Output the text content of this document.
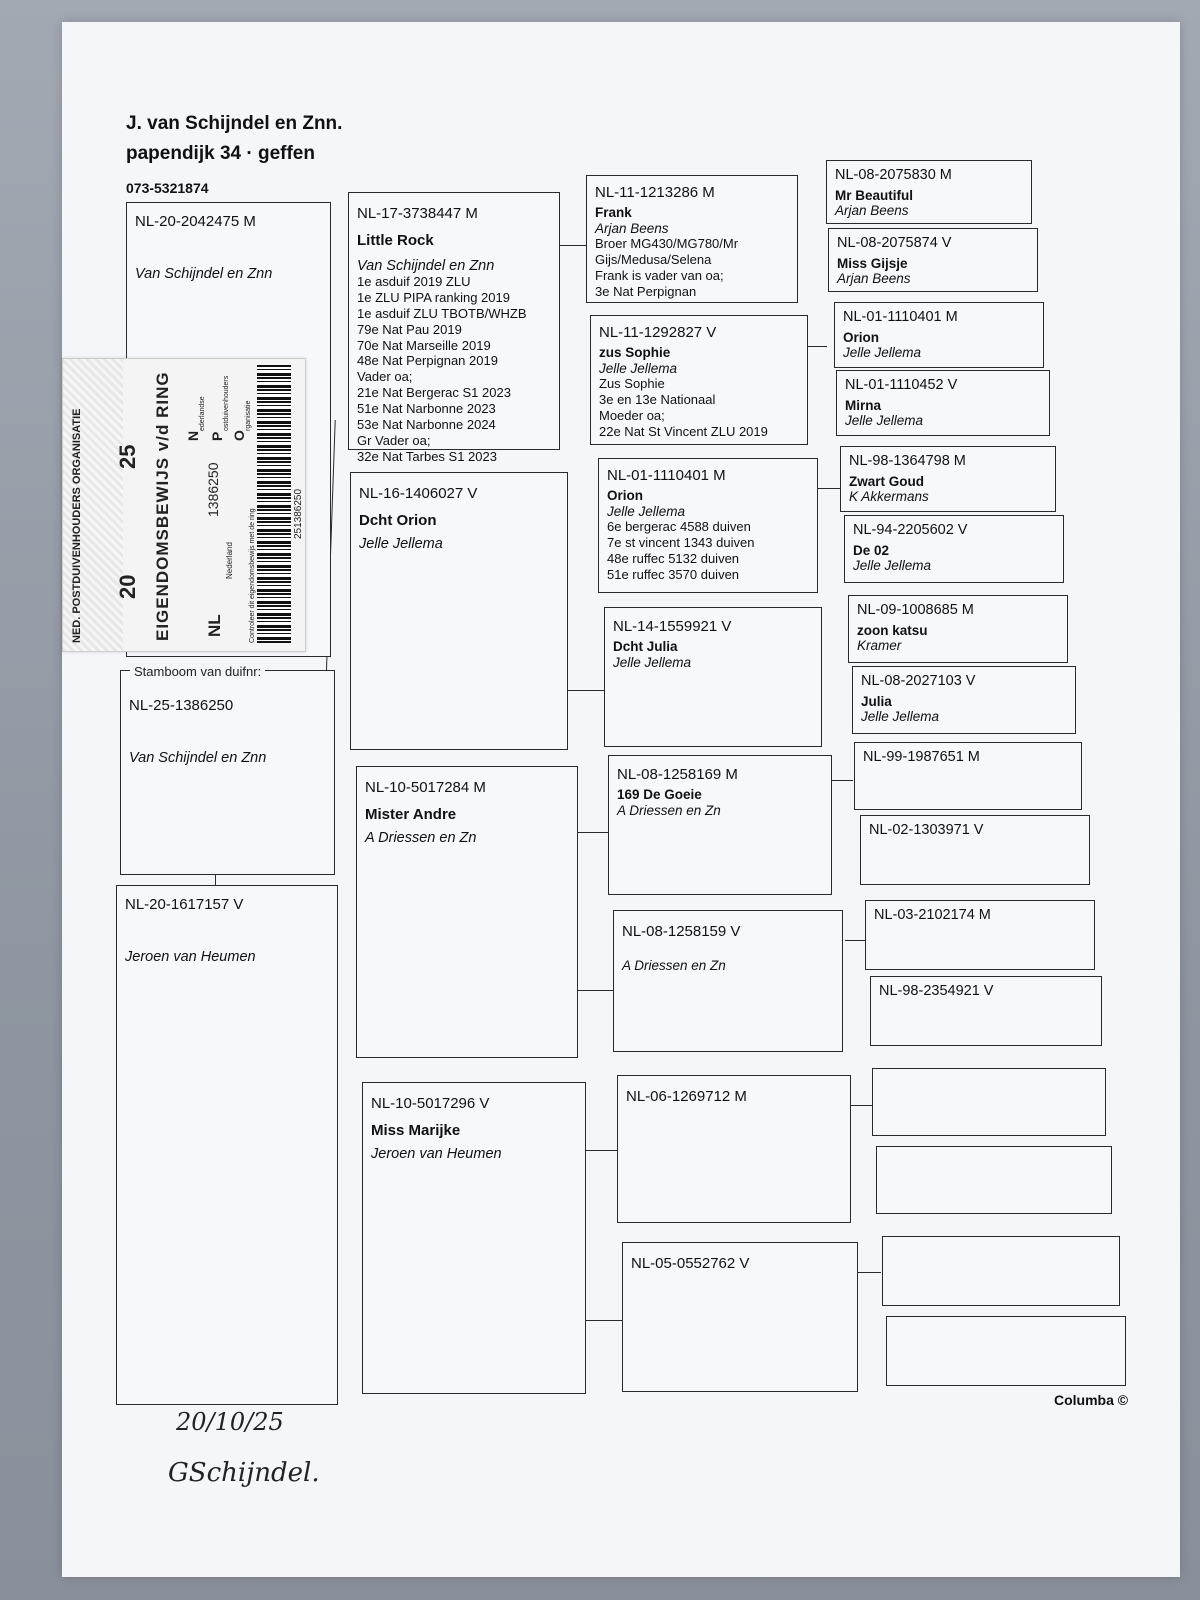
J. van Schijndel en Znn.
papendijk 34 · geffen
073-5321874
NL-20-2042475 M
Van Schijndel en Znn
NL-25-1386250
Van Schijndel en Znn
Stamboom van duifnr:
NL-20-1617157 V
Jeroen van Heumen
NL-17-3738447 M
Little Rock
Van Schijndel en Znn
1e asduif 2019 ZLU
1e ZLU PIPA ranking 2019
1e asduif ZLU TBOTB/WHZB
79e Nat Pau 2019
70e Nat Marseille 2019
48e Nat Perpignan 2019
Vader oa;
21e Nat Bergerac S1 2023
51e Nat Narbonne 2023
53e Nat Narbonne 2024
Gr Vader oa;
32e Nat Tarbes S1 2023
NL-16-1406027 V
Dcht Orion
Jelle Jellema
NL-10-5017284 M
Mister Andre
A Driessen en Zn
NL-10-5017296 V
Miss Marijke
Jeroen van Heumen
NL-11-1213286 M
Frank
Arjan Beens
Broer MG430/MG780/Mr
Gijs/Medusa/Selena
Frank is vader van oa;
3e Nat Perpignan
NL-11-1292827 V
zus Sophie
Jelle Jellema
Zus Sophie
3e en 13e Nationaal
Moeder oa;
22e Nat St Vincent ZLU 2019
NL-01-1110401 M
Orion
Jelle Jellema
6e bergerac 4588 duiven
7e st vincent 1343 duiven
48e ruffec 5132 duiven
51e ruffec 3570 duiven
NL-14-1559921 V
Dcht Julia
Jelle Jellema
NL-08-1258169 M
169 De Goeie
A Driessen en Zn
NL-08-1258159 V
A Driessen en Zn
NL-06-1269712 M
NL-05-0552762 V
NL-08-2075830 M
Mr Beautiful
Arjan Beens
NL-08-2075874 V
Miss Gijsje
Arjan Beens
NL-01-1110401 M
Orion
Jelle Jellema
NL-01-1110452 V
Mirna
Jelle Jellema
NL-98-1364798 M
Zwart Goud
K Akkermans
NL-94-2205602 V
De 02
Jelle Jellema
NL-09-1008685 M
zoon katsu
Kramer
NL-08-2027103 V
Julia
Jelle Jellema
NL-99-1987651 M
NL-02-1303971 V
NL-03-2102174 M
NL-98-2354921 V
NED. POSTDUIVENHOUDERS ORGANISATIE 20
25 EIGENDOMSBEWIJS v/d RING NL
1386250
Nederland Controleer dit eigendomsbewijs met de ring
N
ederlandse
P
ostduivenhouders
O
rganisatie
251386250
Columba ©
20/10/25
GSchijndel.
